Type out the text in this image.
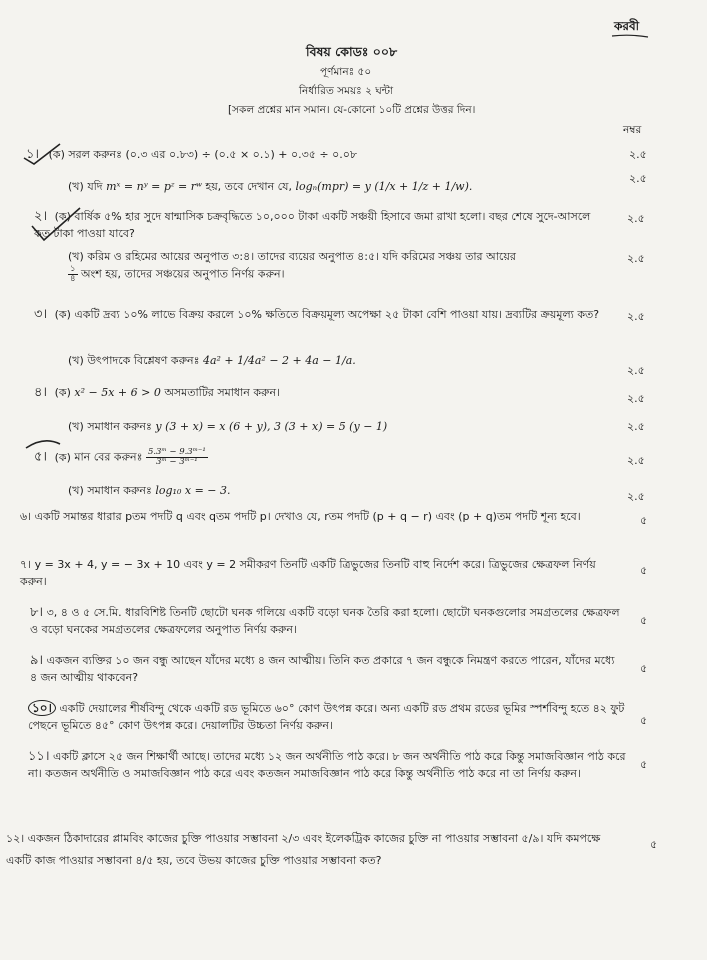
করবী
বিষয় কোডঃ ০০৮
পূর্ণমানঃ ৫০
নির্ধারিত সময়ঃ ২ ঘন্টা
[সকল প্রশ্নের মান সমান। যে-কোনো ১০টি প্রশ্নের উত্তর দিন।
নম্বর
১। (ক) সরল করুনঃ (০.৩ এর ০.৮৩) ÷ (০.৫ × ০.১) + ০.৩৫ ÷ ০.০৮	২.৫
(খ) যদি mˣ = nʸ = pᶻ = rʷ হয়, তবে দেখান যে, logₙ(mpr) = y (1/x + 1/z + 1/w).
২.৫
২। (ক) বার্ষিক ৫% হার সুদে ষান্মাসিক চক্রবৃদ্ধিতে ১০,০০০ টাকা একটি সঞ্চয়ী হিসাবে জমা রাখা হলো। বছর শেষে সুদে-আসলে কত টাকা পাওয়া যাবে?
২.৫
(খ) করিম ও রহিমের আয়ের অনুপাত ৩:৪। তাদের ব্যয়ের অনুপাত ৪:৫। যদি করিমের সঞ্চয় তার আয়ের

$\frac{১}{৪}$ অংশ হয়, তাদের সঞ্চয়ের অনুপাত নির্ণয় করুন।
২.৫
৩। (ক) একটি দ্রব্য ১০% লাভে বিক্রয় করলে ১০% ক্ষতিতে বিক্রয়মূল্য অপেক্ষা ২৫ টাকা বেশি পাওয়া যায়। দ্রব্যটির ক্রয়মূল্য কত?	২.৫
(খ) উৎপাদকে বিশ্লেষণ করুনঃ 4a² + 1/4a² − 2 + 4a − 1/a.
২.৫
৪। (ক) x² − 5x + 6 > 0 অসমতাটির সমাধান করুন।	২.৫
(খ) সমাধান করুনঃ y (3 + x) = x (6 + y), 3 (3 + x) = 5 (y − 1)	২.৫
৫। (ক) মান বের করুনঃ $\frac{\text{5.3ᵐ − 9.3ᵐ⁻¹}}{\text{3ᵐ − 3ᵐ⁻¹}}$	২.৫
(খ) সমাধান করুনঃ log₁₀ x = − 3.	২.৫
৬। একটি সমান্তর ধারার pতম পদটি q এবং qতম পদটি p। দেখাও যে, rতম পদটি (p + q − r) এবং (p + q)তম পদটি শূন্য হবে।	৫
৭। y = 3x + 4, y = − 3x + 10 এবং y = 2 সমীকরণ তিনটি একটি ত্রিভুজের তিনটি বাহু নির্দেশ করে। ত্রিভুজের ক্ষেত্রফল নির্ণয় করুন।
৫
৮। ৩, ৪ ও ৫ সে.মি. ধারবিশিষ্ট তিনটি ছোটো ঘনক গলিয়ে একটি বড়ো ঘনক তৈরি করা হলো। ছোটো ঘনকগুলোর সমগ্রতলের ক্ষেত্রফল ও বড়ো ঘনকের সমগ্রতলের ক্ষেত্রফলের অনুপাত নির্ণয় করুন।
৫
৯। একজন ব্যক্তির ১০ জন বন্ধু আছেন যাঁদের মধ্যে ৪ জন আত্মীয়। তিনি কত প্রকারে ৭ জন বন্ধুকে নিমন্ত্রণ করতে পারেন, যাঁদের মধ্যে ৪ জন আত্মীয় থাকবেন?
৫
১০। একটি দেয়ালের শীর্ষবিন্দু থেকে একটি রড ভূমিতে ৬০° কোণ উৎপন্ন করে। অন্য একটি রড প্রথম রডের ভূমির স্পর্শবিন্দু হতে ৪২ ফুট পেছনে ভূমিতে ৪৫° কোণ উৎপন্ন করে। দেয়ালটির উচ্চতা নির্ণয় করুন।	৫
১১। একটি ক্লাসে ২৫ জন শিক্ষার্থী আছে। তাদের মধ্যে ১২ জন অর্থনীতি পাঠ করে। ৮ জন অর্থনীতি পাঠ করে কিন্তু সমাজবিজ্ঞান পাঠ করে না। কতজন অর্থনীতি ও সমাজবিজ্ঞান পাঠ করে এবং কতজন সমাজবিজ্ঞান পাঠ করে কিন্তু অর্থনীতি পাঠ করে না তা নির্ণয় করুন।
৫
১২। একজন ঠিকাদারের প্লামবিং কাজের চুক্তি পাওয়ার সম্ভাবনা ২/৩ এবং ইলেকট্রিক কাজের চুক্তি না পাওয়ার সম্ভাবনা ৫/৯। যদি কমপক্ষে একটি কাজ পাওয়ার সম্ভাবনা ৪/৫ হয়, তবে উভয় কাজের চুক্তি পাওয়ার সম্ভাবনা কত?
৫
